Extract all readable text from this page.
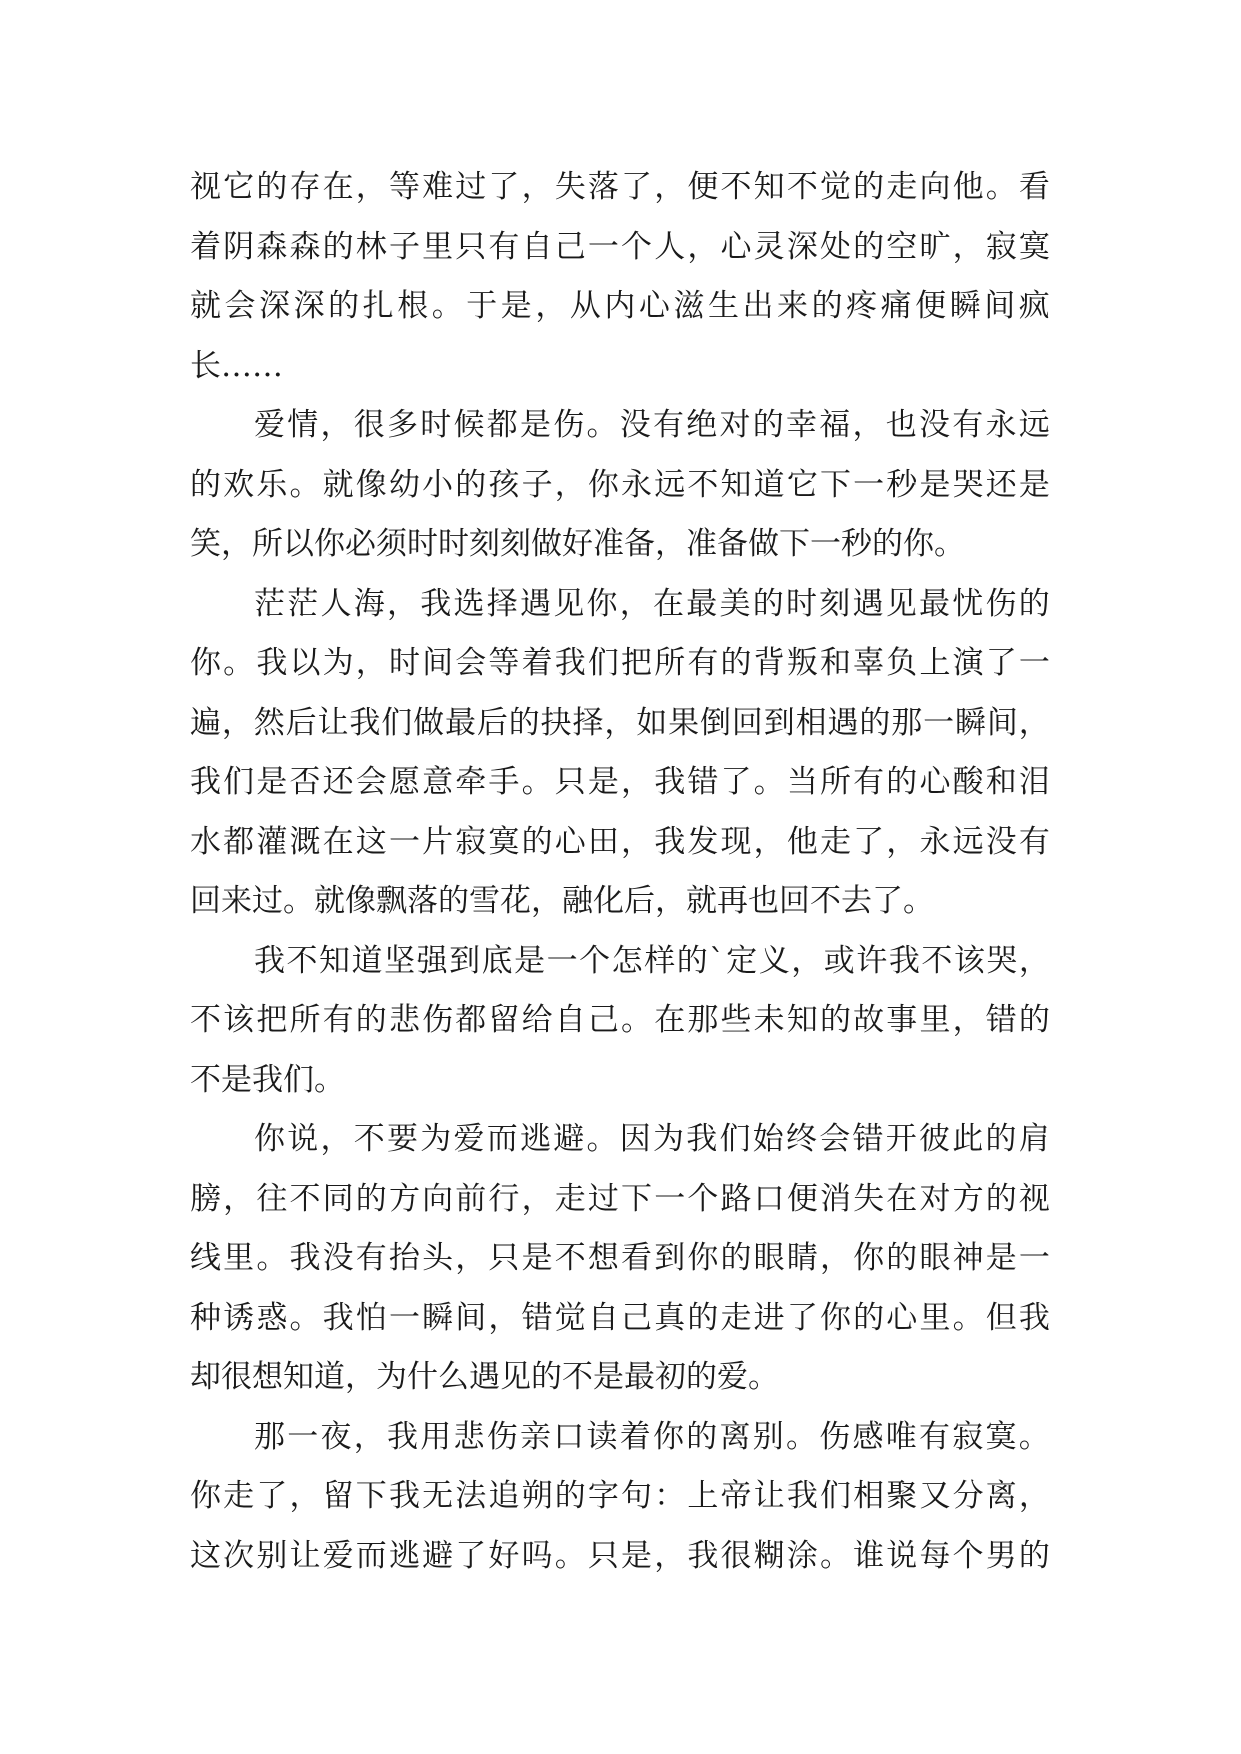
视 它 的 存 在 ， 等 难 过 了 ， 失 落 了 ， 便 不 知 不 觉 的 走 向 他 。 看
着 阴 森 森 的 林 子 里 只 有 自 己 一 个 人 ， 心 灵 深 处 的 空 旷 ， 寂 寞
就 会 深 深 的 扎 根 。 于 是 ， 从 内 心 滋 生 出 来 的 疼 痛 便 瞬 间 疯
长……
爱 情 ， 很 多 时 候 都 是 伤 。 没 有 绝 对 的 幸 福 ， 也 没 有 永 远
的 欢 乐 。 就 像 幼 小 的 孩 子 ， 你 永 远 不 知 道 它 下 一 秒 是 哭 还 是
笑，所以你必须时时刻刻做好准备，准备做下一秒的你。
茫 茫 人 海 ， 我 选 择 遇 见 你 ， 在 最 美 的 时 刻 遇 见 最 忧 伤 的
你 。 我 以 为 ， 时 间 会 等 着 我 们 把 所 有 的 背 叛 和 辜 负 上 演 了 一
遍 ， 然 后 让 我 们 做 最 后 的 抉 择 ， 如 果 倒 回 到 相 遇 的 那 一 瞬 间 ，
我 们 是 否 还 会 愿 意 牵 手 。 只 是 ， 我 错 了 。 当 所 有 的 心 酸 和 泪
水 都 灌 溉 在 这 一 片 寂 寞 的 心 田 ， 我 发 现 ， 他 走 了 ， 永 远 没 有
回来过。就像飘落的雪花，融化后，就再也回不去了。
我 不 知 道 坚 强 到 底 是 一 个 怎 样 的 ` 定 义 ， 或 许 我 不 该 哭 ，
不 该 把 所 有 的 悲 伤 都 留 给 自 己 。 在 那 些 未 知 的 故 事 里 ， 错 的
不是我们。
你 说 ， 不 要 为 爱 而 逃 避 。 因 为 我 们 始 终 会 错 开 彼 此 的 肩
膀 ， 往 不 同 的 方 向 前 行 ， 走 过 下 一 个 路 口 便 消 失 在 对 方 的 视
线 里 。 我 没 有 抬 头 ， 只 是 不 想 看 到 你 的 眼 睛 ， 你 的 眼 神 是 一
种 诱 惑 。 我 怕 一 瞬 间 ， 错 觉 自 己 真 的 走 进 了 你 的 心 里 。 但 我
却很想知道，为什么遇见的不是最初的爱。
那 一 夜 ， 我 用 悲 伤 亲 口 读 着 你 的 离 别 。 伤 感 唯 有 寂 寞 。
你 走 了 ， 留 下 我 无 法 追 朔 的 字 句 ： 上 帝 让 我 们 相 聚 又 分 离 ，
这 次 别 让 爱 而 逃 避 了 好 吗 。 只 是 ， 我 很 糊 涂 。 谁 说 每 个 男 的
